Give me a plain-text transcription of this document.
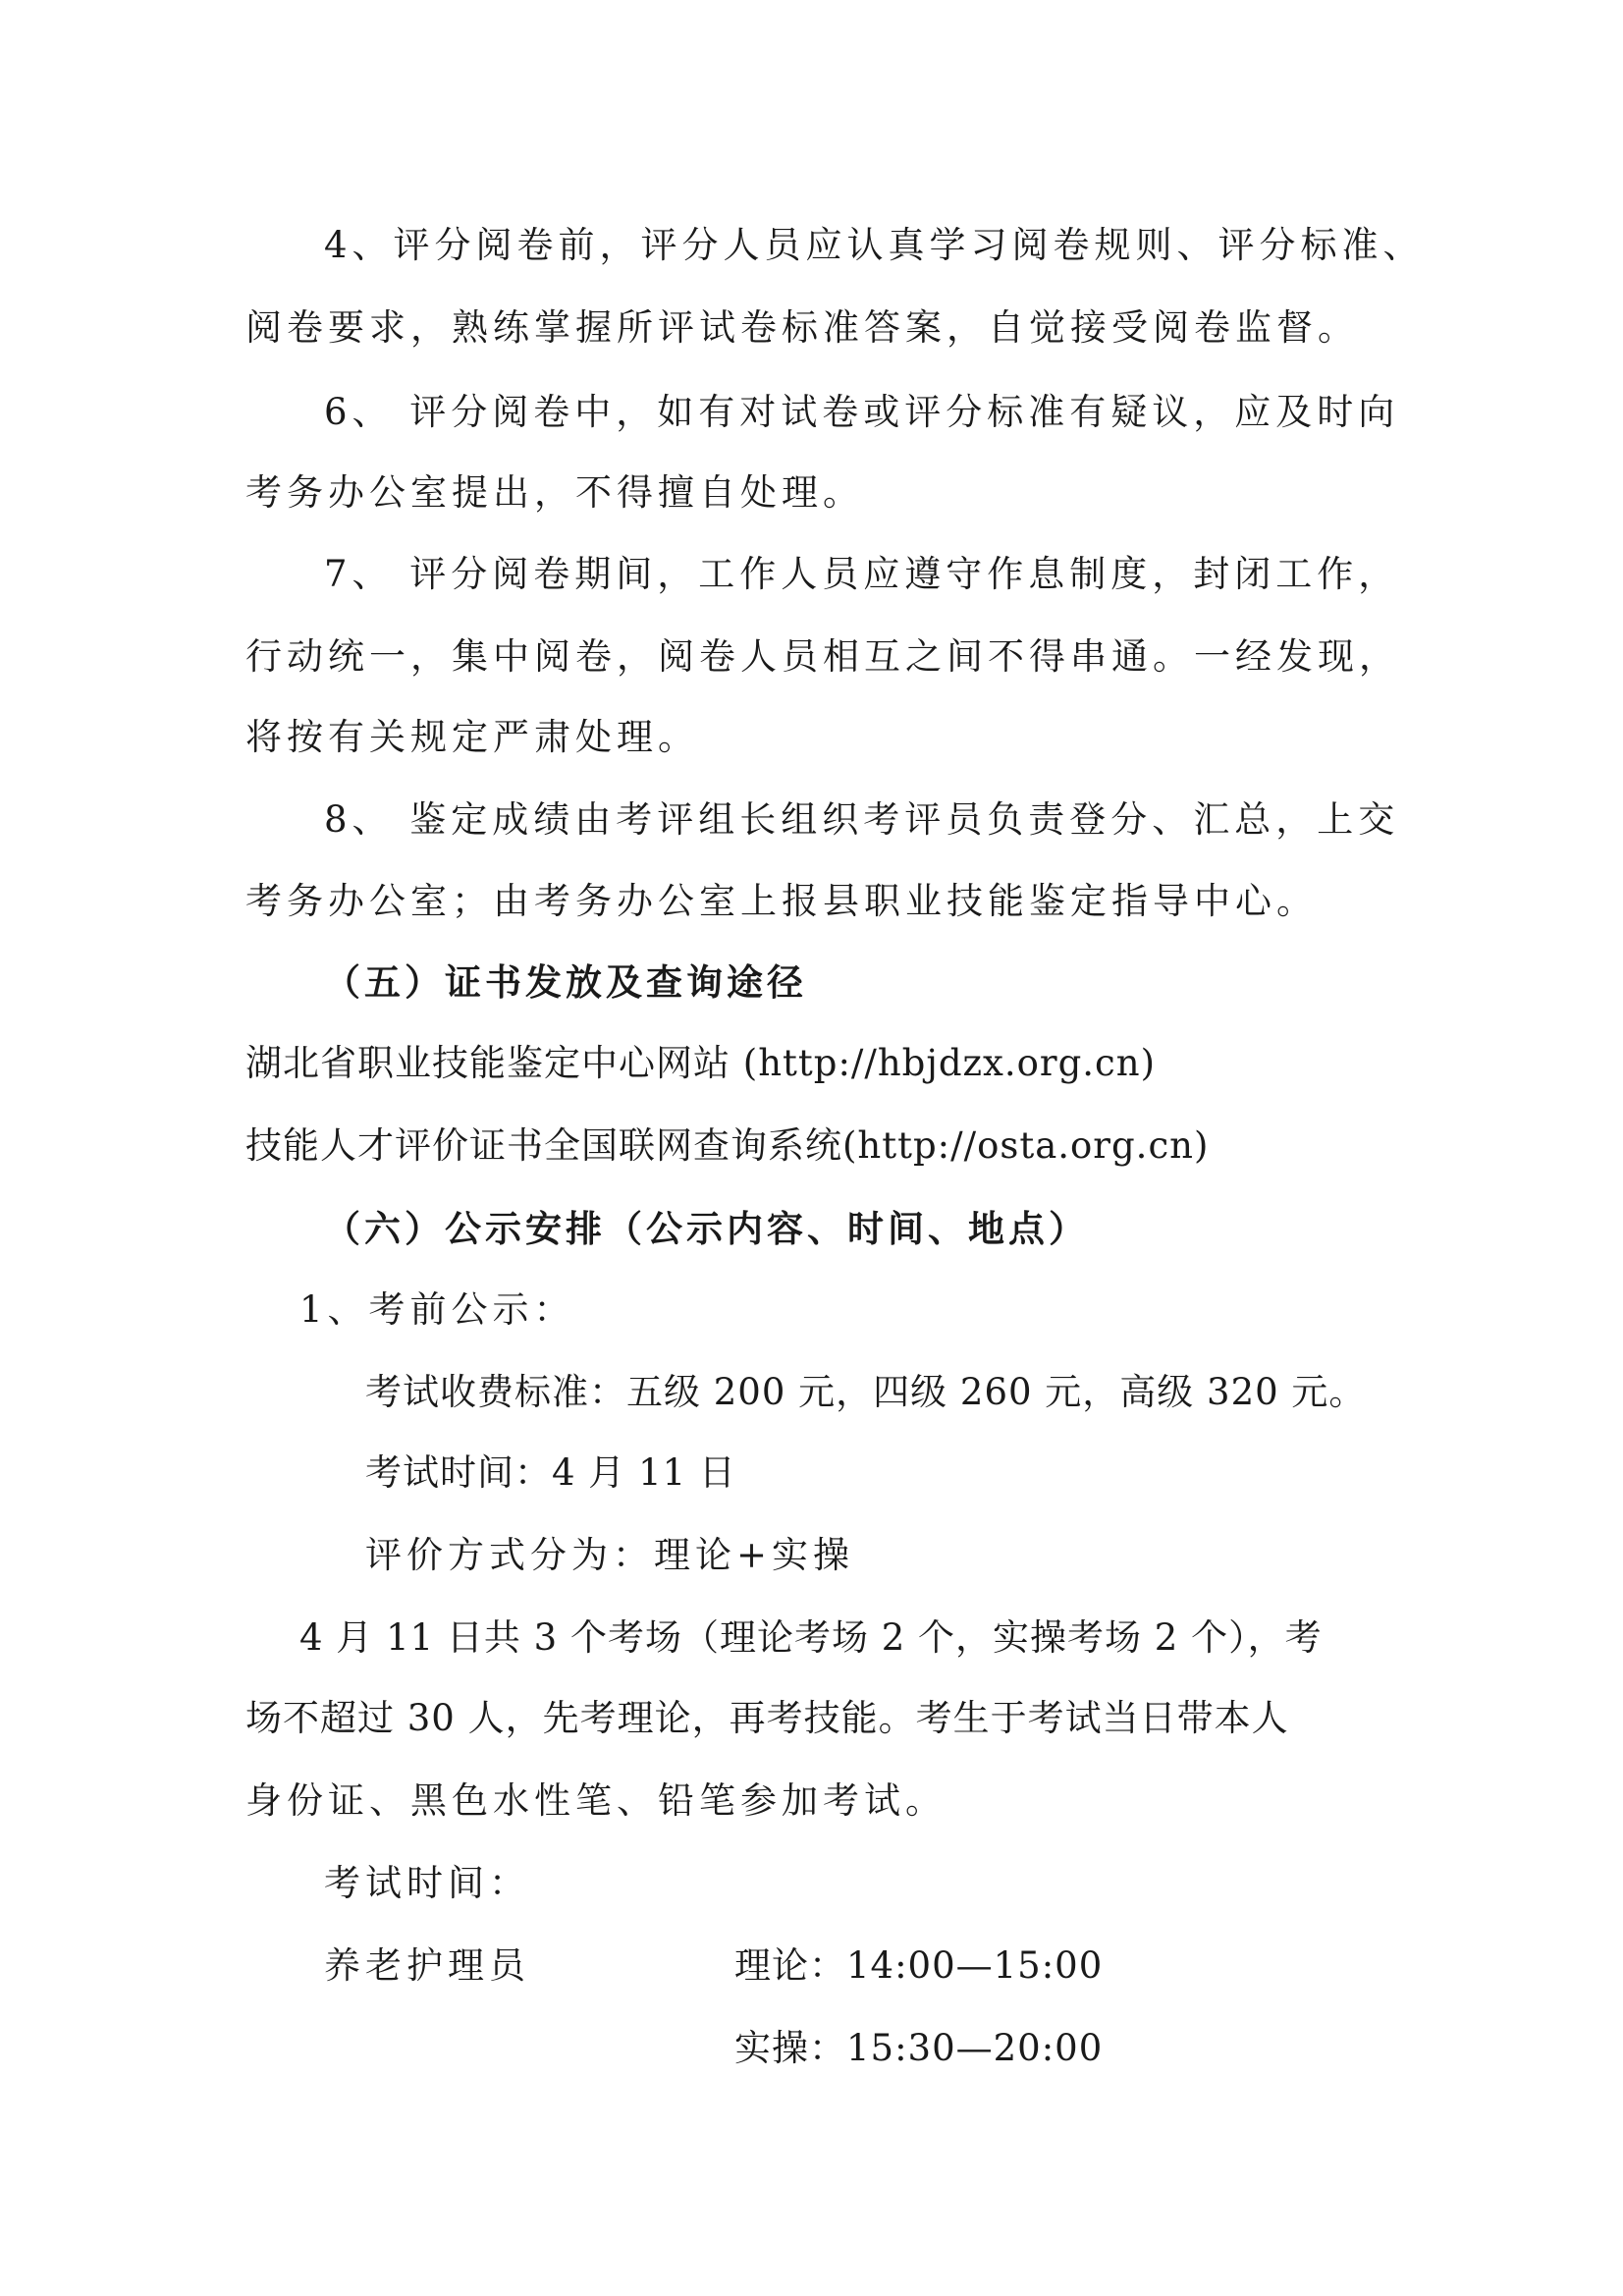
4、评分阅卷前，评分人员应认真学习阅卷规则、评分标准、
阅卷要求，熟练掌握所评试卷标准答案，自觉接受阅卷监督。
6、 评分阅卷中，如有对试卷或评分标准有疑议，应及时向
考务办公室提出，不得擅自处理。
7、 评分阅卷期间，工作人员应遵守作息制度，封闭工作，
行动统一，集中阅卷，阅卷人员相互之间不得串通。一经发现，
将按有关规定严肃处理。
8、 鉴定成绩由考评组长组织考评员负责登分、汇总，上交
考务办公室；由考务办公室上报县职业技能鉴定指导中心。
（五）证书发放及查询途径
湖北省职业技能鉴定中心网站 (http://hbjdzx.org.cn)
技能人才评价证书全国联网查询系统(http://osta.org.cn)
（六）公示安排（公示内容、时间、地点）
1、考前公示：
考试收费标准：五级 200 元，四级 260 元，高级 320 元。
考试时间：4 月 11 日
评价方式分为：理论+实操
4 月 11 日共 3 个考场（理论考场 2 个，实操考场 2 个），考
场不超过 30 人，先考理论，再考技能。考生于考试当日带本人
身份证、黑色水性笔、铅笔参加考试。
考试时间：
养老护理员	理论：14:00—15:00
实操：15:30—20:00
